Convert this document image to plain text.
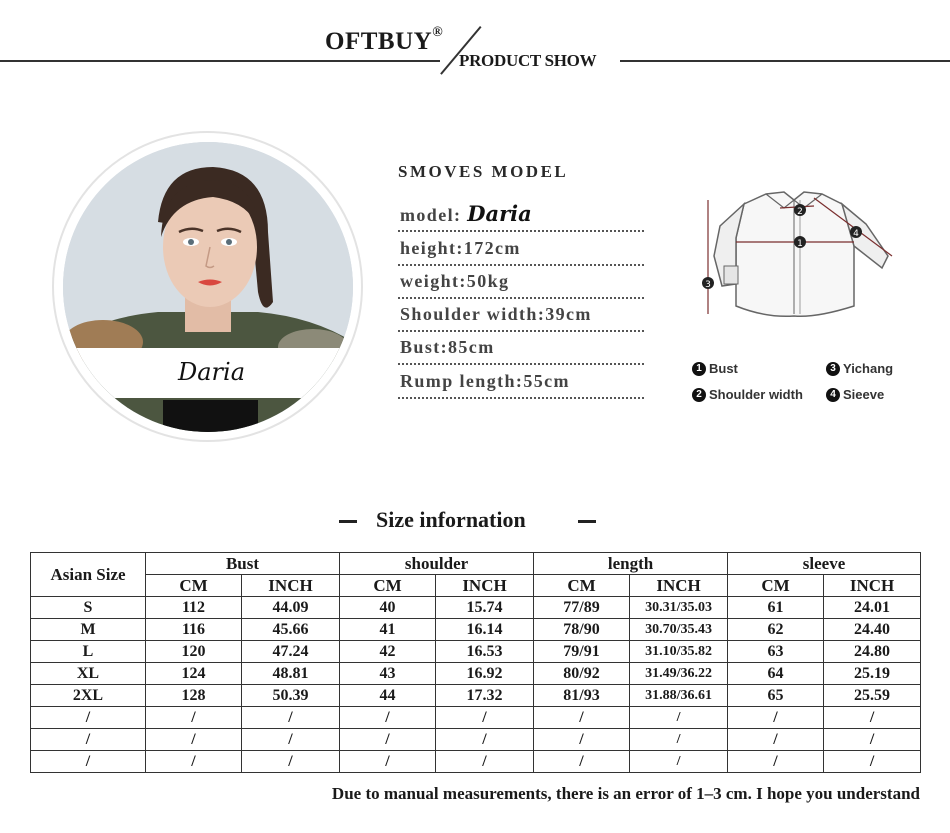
OFTBUY®
PRODUCT SHOW
Daria
SMOVES MODEL
model: Daria
height:172cm
weight:50kg
Shoulder width:39cm
Bust:85cm
Rump length:55cm
1
2
3
4
1 Bust	3 Yichang
2 Shoulder width	4 Sieeve
Size infornation
Asian Size	Bust		shoulder		length		sleeve	
	CM	INCH	CM	INCH	CM	INCH	CM	INCH
S	112	44.09	40	15.74	77/89	30.31/35.03	61	24.01
M	116	45.66	41	16.14	78/90	30.70/35.43	62	24.40
L	120	47.24	42	16.53	79/91	31.10/35.82	63	24.80
XL	124	48.81	43	16.92	80/92	31.49/36.22	64	25.19
2XL	128	50.39	44	17.32	81/93	31.88/36.61	65	25.59
/	/	/	/	/	/	/	/	/
/	/	/	/	/	/	/	/	/
/	/	/	/	/	/	/	/	/
Due to manual measurements, there is an error of 1–3 cm. I hope you understand
